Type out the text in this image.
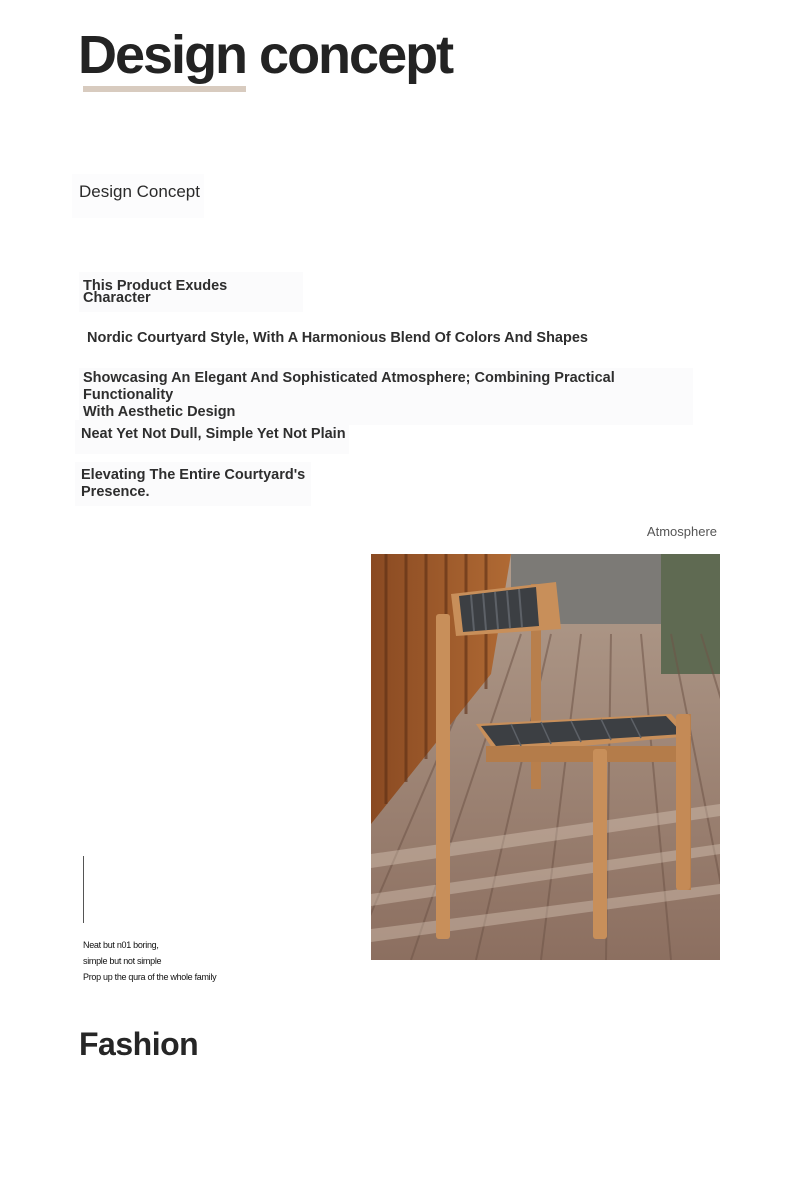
Design concept
Design Concept
This Product Exudes
Character
Nordic Courtyard Style, With A Harmonious Blend Of Colors And Shapes
Showcasing An Elegant And Sophisticated Atmosphere; Combining Practical Functionality
With Aesthetic Design
Neat Yet Not Dull, Simple Yet Not Plain
Elevating The Entire Courtyard's
Presence.
Atmosphere
Neat but n01 boring,
simple but not simple
Prop up the qura of the whole family
Fashion
